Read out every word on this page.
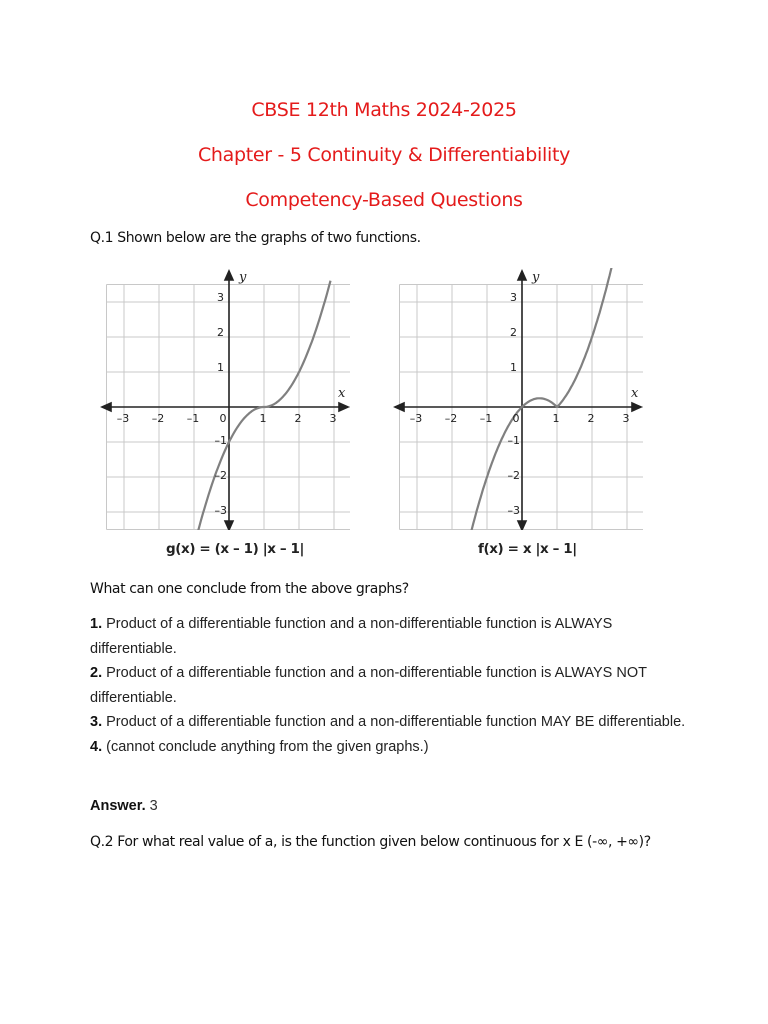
CBSE 12th Maths 2024-2025
Chapter - 5 Continuity & Differentiability
Competency-Based Questions
Q.1 Shown below are the graphs of two functions.
–3 –2 –1 0	1	2	3
3
2
1
–1
–2
–3
x
y
–3 –2 –1 0	1	2	3
3
2
1
–1
–2
–3
x
y
g(x) = (x – 1) |x – 1|	f(x) = x |x – 1|
What can one conclude from the above graphs?
1. Product of a differentiable function and a non-differentiable function is ALWAYS differentiable.
2. Product of a differentiable function and a non-differentiable function is ALWAYS NOT differentiable.
3. Product of a differentiable function and a non-differentiable function MAY BE differentiable.
4. (cannot conclude anything from the given graphs.)
Answer. 3
Q.2 For what real value of a, is the function given below continuous for x E (-∞, +∞)?
